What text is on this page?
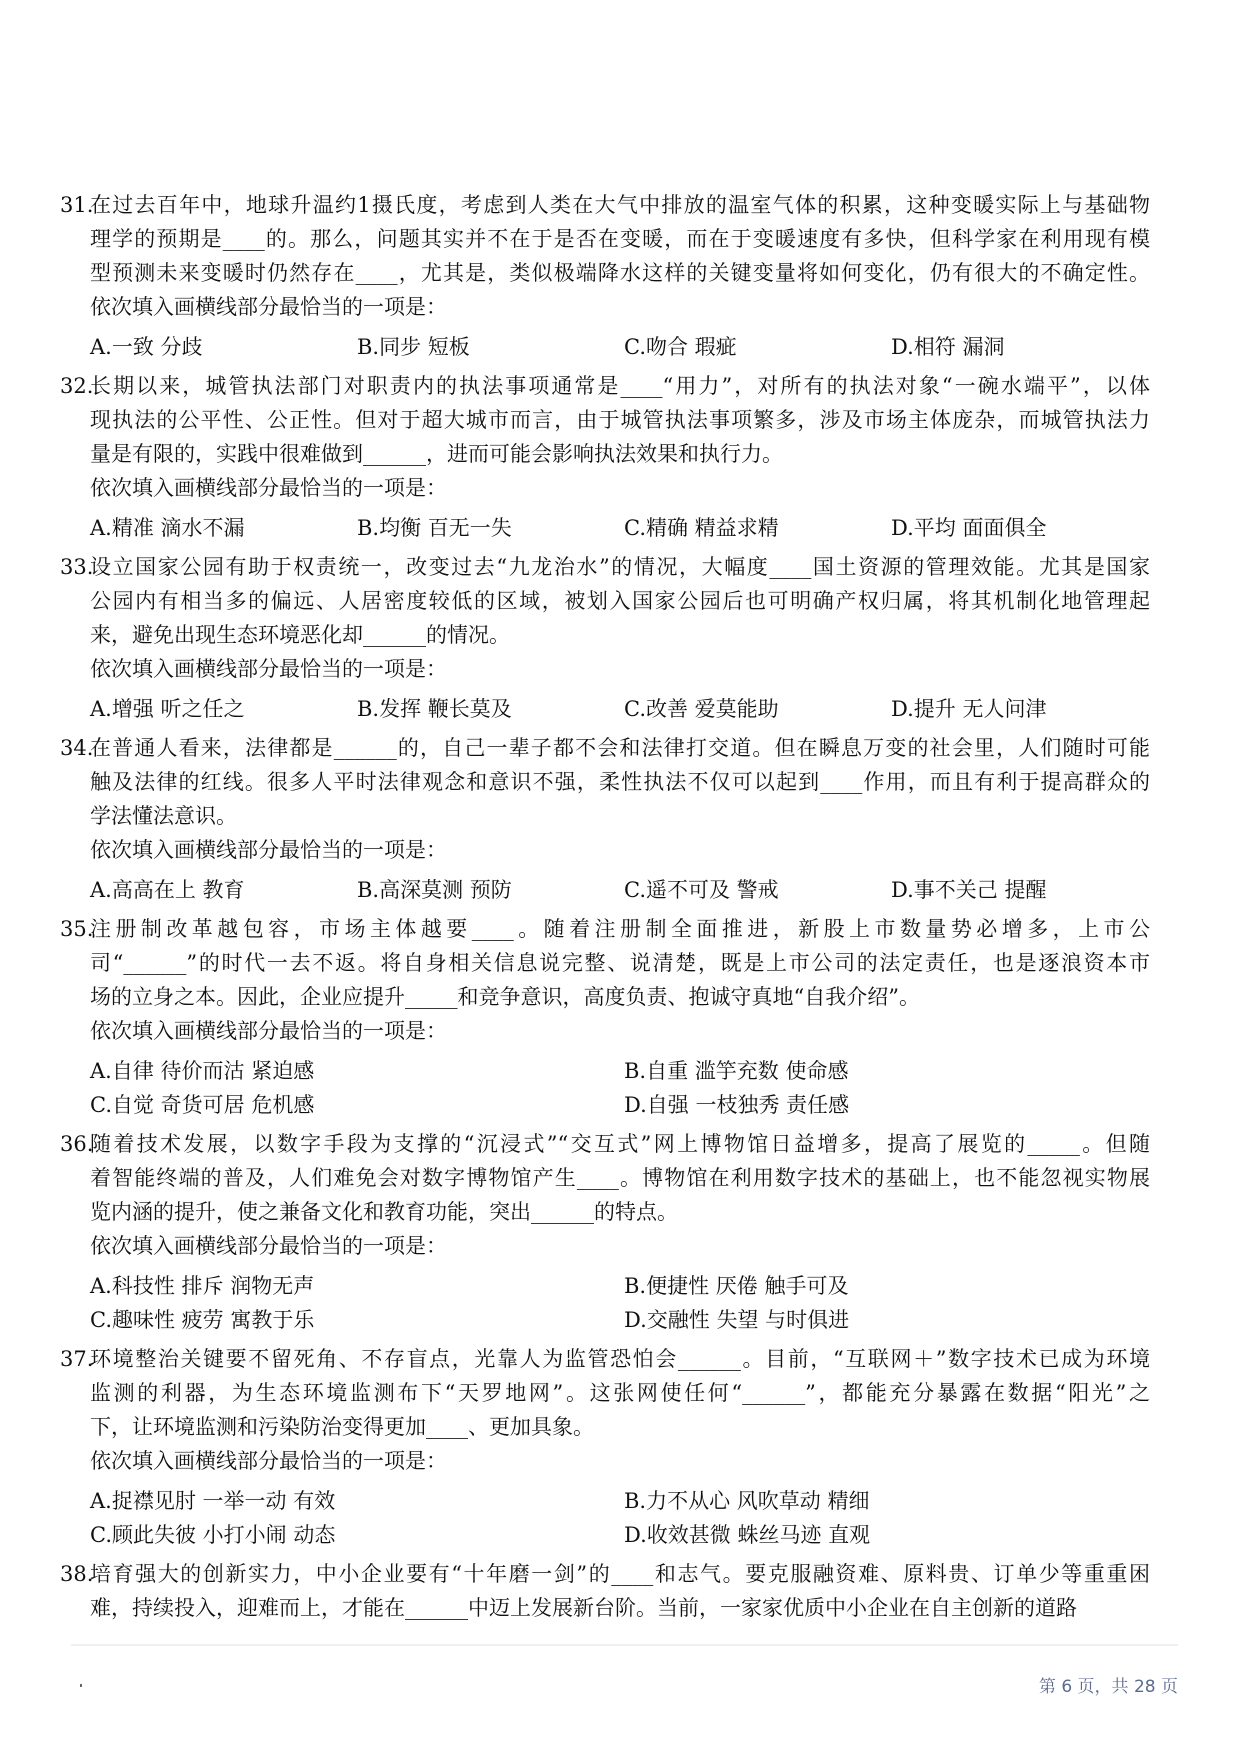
31.
在过去百年中，地球升温约1摄氏度，考虑到人类在大气中排放的温室气体的积累，这种变暖实际上与基础物
理学的预期是____的。那么，问题其实并不在于是否在变暖，而在于变暖速度有多快，但科学家在利用现有模
型预测未来变暖时仍然存在____，尤其是，类似极端降水这样的关键变量将如何变化，仍有很大的不确定性。
依次填入画横线部分最恰当的一项是：
A.一致 分歧	B.同步 短板	C.吻合 瑕疵	D.相符 漏洞
32.
长期以来，城管执法部门对职责内的执法事项通常是____“用力”，对所有的执法对象“一碗水端平”，以体
现执法的公平性、公正性。但对于超大城市而言，由于城管执法事项繁多，涉及市场主体庞杂，而城管执法力
量是有限的，实践中很难做到______，进而可能会影响执法效果和执行力。
依次填入画横线部分最恰当的一项是：
A.精准 滴水不漏	B.均衡 百无一失	C.精确 精益求精	D.平均 面面俱全
33.
设立国家公园有助于权责统一，改变过去“九龙治水”的情况，大幅度____国土资源的管理效能。尤其是国家
公园内有相当多的偏远、人居密度较低的区域，被划入国家公园后也可明确产权归属，将其机制化地管理起
来，避免出现生态环境恶化却______的情况。
依次填入画横线部分最恰当的一项是：
A.增强 听之任之	B.发挥 鞭长莫及	C.改善 爱莫能助	D.提升 无人问津
34.
在普通人看来，法律都是______的，自己一辈子都不会和法律打交道。但在瞬息万变的社会里，人们随时可能
触及法律的红线。很多人平时法律观念和意识不强，柔性执法不仅可以起到____作用，而且有利于提高群众的
学法懂法意识。
依次填入画横线部分最恰当的一项是：
A.高高在上 教育	B.高深莫测 预防	C.遥不可及 警戒	D.事不关己 提醒
35.
注册制改革越包容，市场主体越要____。随着注册制全面推进，新股上市数量势必增多，上市公
司“______”的时代一去不返。将自身相关信息说完整、说清楚，既是上市公司的法定责任，也是逐浪资本市
场的立身之本。因此，企业应提升_____和竞争意识，高度负责、抱诚守真地“自我介绍”。
依次填入画横线部分最恰当的一项是：
A.自律 待价而沽 紧迫感	B.自重 滥竽充数 使命感
C.自觉 奇货可居 危机感	D.自强 一枝独秀 责任感
36.
随着技术发展，以数字手段为支撑的“沉浸式”“交互式”网上博物馆日益增多，提高了展览的_____。但随
着智能终端的普及，人们难免会对数字博物馆产生____。博物馆在利用数字技术的基础上，也不能忽视实物展
览内涵的提升，使之兼备文化和教育功能，突出______的特点。
依次填入画横线部分最恰当的一项是：
A.科技性 排斥 润物无声	B.便捷性 厌倦 触手可及
C.趣味性 疲劳 寓教于乐	D.交融性 失望 与时俱进
37.
环境整治关键要不留死角、不存盲点，光靠人为监管恐怕会______。目前，“互联网＋”数字技术已成为环境
监测的利器，为生态环境监测布下“天罗地网”。这张网使任何“______”，都能充分暴露在数据“阳光”之
下，让环境监测和污染防治变得更加____、更加具象。
依次填入画横线部分最恰当的一项是：
A.捉襟见肘 一举一动 有效	B.力不从心 风吹草动 精细
C.顾此失彼 小打小闹 动态	D.收效甚微 蛛丝马迹 直观
38.
培育强大的创新实力，中小企业要有“十年磨一剑”的____和志气。要克服融资难、原料贵、订单少等重重困
难，持续投入，迎难而上，才能在______中迈上发展新台阶。当前，一家家优质中小企业在自主创新的道路
第 6 页，共 28 页
